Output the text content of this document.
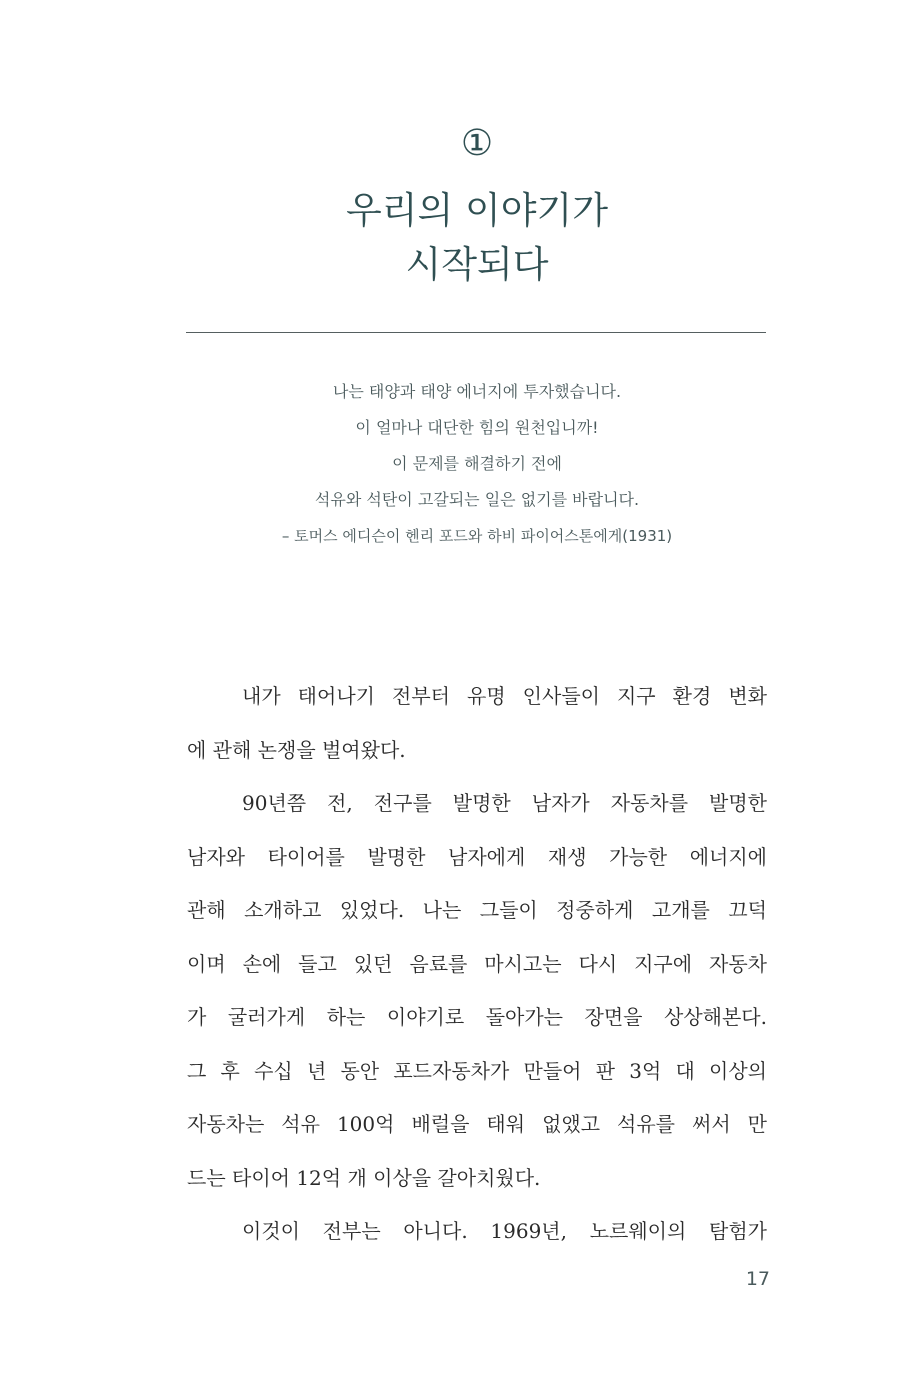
①
우리의 이야기가
시작되다
나는 태양과 태양 에너지에 투자했습니다.
이 얼마나 대단한 힘의 원천입니까!
이 문제를 해결하기 전에
석유와 석탄이 고갈되는 일은 없기를 바랍니다.
– 토머스 에디슨이 헨리 포드와 하비 파이어스톤에게(1931)
내가 태어나기 전부터 유명 인사들이 지구 환경 변화
에 관해 논쟁을 벌여왔다.
90년쯤 전, 전구를 발명한 남자가 자동차를 발명한
남자와 타이어를 발명한 남자에게 재생 가능한 에너지에
관해 소개하고 있었다. 나는 그들이 정중하게 고개를 끄덕
이며 손에 들고 있던 음료를 마시고는 다시 지구에 자동차
가 굴러가게 하는 이야기로 돌아가는 장면을 상상해본다.
그 후 수십 년 동안 포드자동차가 만들어 판 3억 대 이상의
자동차는 석유 100억 배럴을 태워 없앴고 석유를 써서 만
드는 타이어 12억 개 이상을 갈아치웠다.
이것이 전부는 아니다. 1969년, 노르웨이의 탐험가
17
